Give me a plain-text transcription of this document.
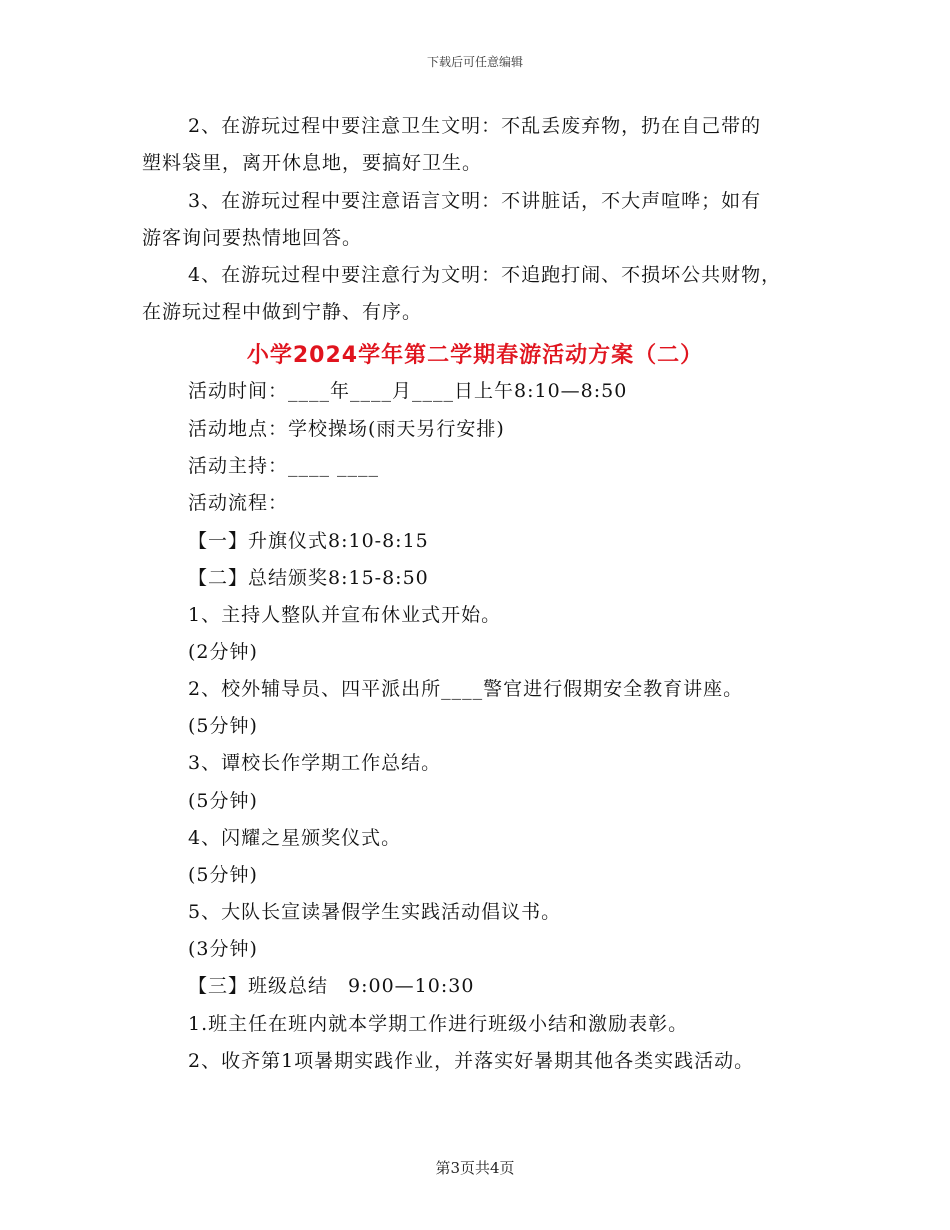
下载后可任意编辑
2、在游玩过程中要注意卫生文明：不乱丢废弃物，扔在自己带的
塑料袋里，离开休息地，要搞好卫生。
3、在游玩过程中要注意语言文明：不讲脏话，不大声喧哗；如有
游客询问要热情地回答。
4、在游玩过程中要注意行为文明：不追跑打闹、不损坏公共财物，
在游玩过程中做到宁静、有序。
小学2024学年第二学期春游活动方案（二）
活动时间：____年____月____日上午8:10—8:50
活动地点：学校操场(雨天另行安排)
活动主持：____ ____
活动流程：
【一】升旗仪式8:10-8:15
【二】总结颁奖8:15-8:50
1、主持人整队并宣布休业式开始。
(2分钟)
2、校外辅导员、四平派出所____警官进行假期安全教育讲座。
(5分钟)
3、谭校长作学期工作总结。
(5分钟)
4、闪耀之星颁奖仪式。
(5分钟)
5、大队长宣读暑假学生实践活动倡议书。
(3分钟)
【三】班级总结　9:00—10:30
1.班主任在班内就本学期工作进行班级小结和激励表彰。
2、收齐第1项暑期实践作业，并落实好暑期其他各类实践活动。
第3页共4页
